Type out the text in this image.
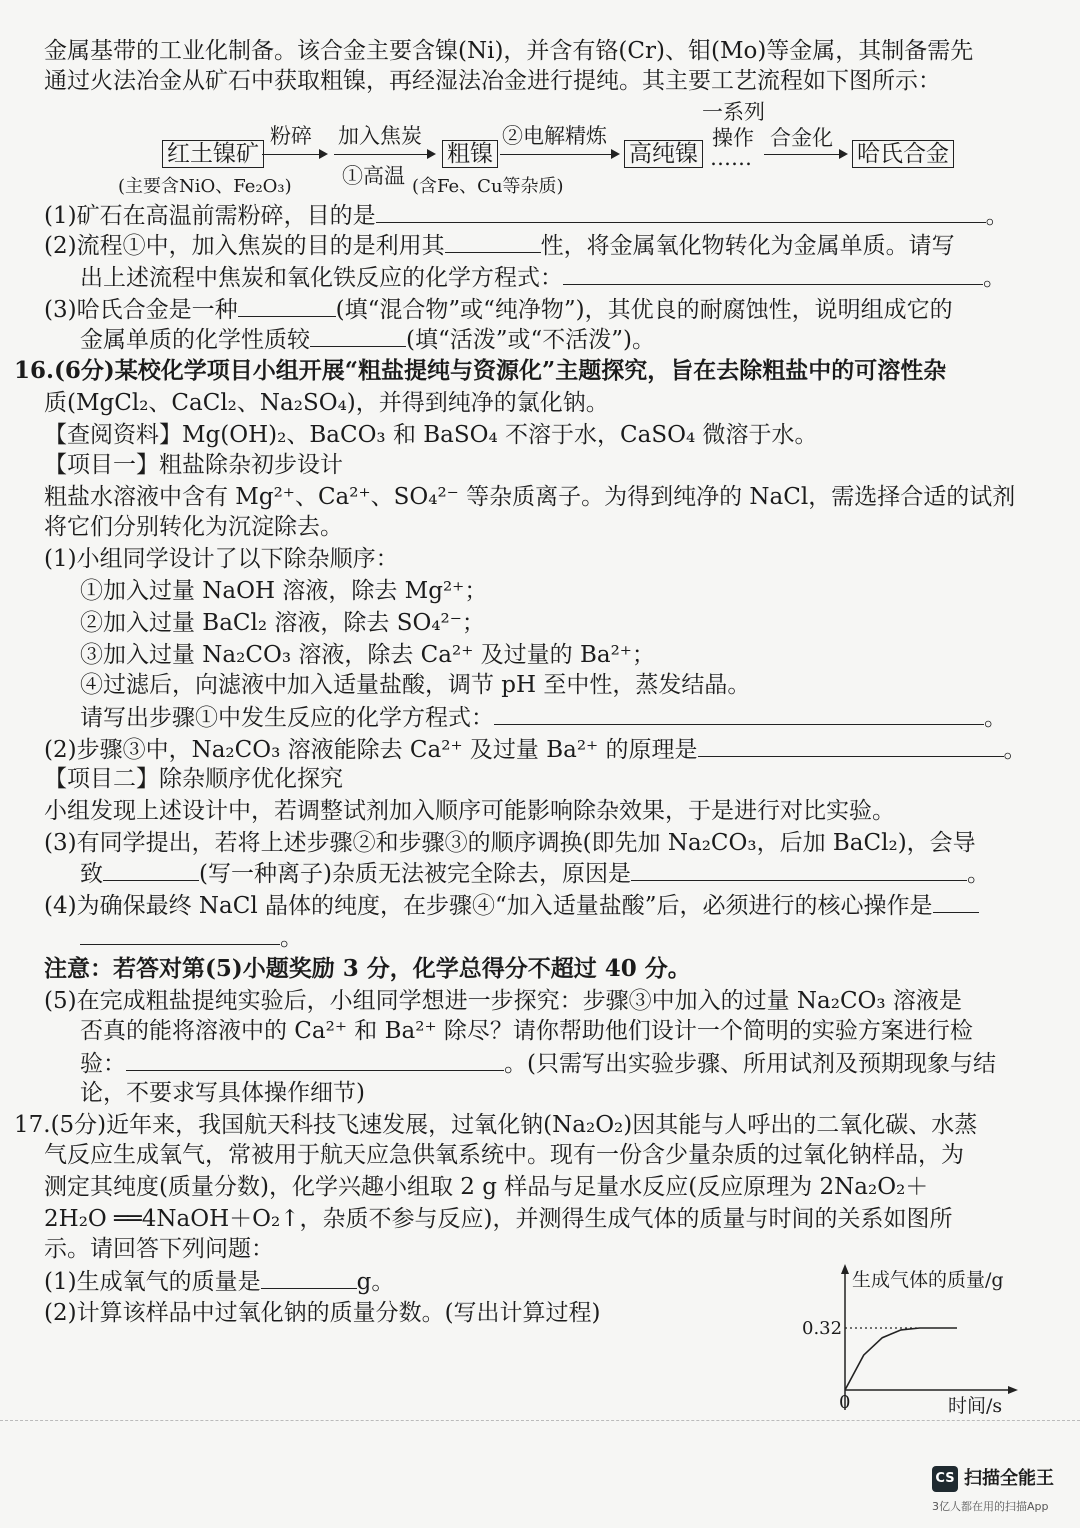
金属基带的工业化制备。该合金主要含镍(Ni)，并含有铬(Cr)、钼(Mo)等金属，其制备需先
通过火法冶金从矿石中获取粗镍，再经湿法冶金进行提纯。其主要工艺流程如下图所示：
红土镍矿
(主要含NiO、Fe₂O₃)
粉碎 加入焦炭
①高温
粗镍
(含Fe、Cu等杂质)
②电解精炼
高纯镍
一系列
操作
……
合金化
哈氏合金
(1)矿石在高温前需粉碎，目的是	。
(2)流程①中，加入焦炭的目的是利用其	性，将金属氧化物转化为金属单质。请写
出上述流程中焦炭和氧化铁反应的化学方程式：	。
(3)哈氏合金是一种	(填“混合物”或“纯净物”)，其优良的耐腐蚀性，说明组成它的
金属单质的化学性质较	(填“活泼”或“不活泼”)。
16.(6分)某校化学项目小组开展“粗盐提纯与资源化”主题探究，旨在去除粗盐中的可溶性杂
质(MgCl₂、CaCl₂、Na₂SO₄)，并得到纯净的氯化钠。
【查阅资料】Mg(OH)₂、BaCO₃ 和 BaSO₄ 不溶于水，CaSO₄ 微溶于水。
【项目一】粗盐除杂初步设计
粗盐水溶液中含有 Mg²⁺、Ca²⁺、SO₄²⁻ 等杂质离子。为得到纯净的 NaCl，需选择合适的试剂
将它们分别转化为沉淀除去。
(1)小组同学设计了以下除杂顺序：
①加入过量 NaOH 溶液，除去 Mg²⁺；
②加入过量 BaCl₂ 溶液，除去 SO₄²⁻；
③加入过量 Na₂CO₃ 溶液，除去 Ca²⁺ 及过量的 Ba²⁺；
④过滤后，向滤液中加入适量盐酸，调节 pH 至中性，蒸发结晶。
请写出步骤①中发生反应的化学方程式：	。
(2)步骤③中，Na₂CO₃ 溶液能除去 Ca²⁺ 及过量 Ba²⁺ 的原理是	。
【项目二】除杂顺序优化探究
小组发现上述设计中，若调整试剂加入顺序可能影响除杂效果，于是进行对比实验。
(3)有同学提出，若将上述步骤②和步骤③的顺序调换(即先加 Na₂CO₃，后加 BaCl₂)，会导
致	(写一种离子)杂质无法被完全除去，原因是	。
(4)为确保最终 NaCl 晶体的纯度，在步骤④“加入适量盐酸”后，必须进行的核心操作是
。
注意：若答对第(5)小题奖励 3 分，化学总得分不超过 40 分。
(5)在完成粗盐提纯实验后，小组同学想进一步探究：步骤③中加入的过量 Na₂CO₃ 溶液是
否真的能将溶液中的 Ca²⁺ 和 Ba²⁺ 除尽？请你帮助他们设计一个简明的实验方案进行检
验：	。(只需写出实验步骤、所用试剂及预期现象与结
论，不要求写具体操作细节)
17.(5分)近年来，我国航天科技飞速发展，过氧化钠(Na₂O₂)因其能与人呼出的二氧化碳、水蒸
气反应生成氧气，常被用于航天应急供氧系统中。现有一份含少量杂质的过氧化钠样品，为
测定其纯度(质量分数)，化学兴趣小组取 2 g 样品与足量水反应(反应原理为 2Na₂O₂＋
2H₂O ══4NaOH＋O₂↑，杂质不参与反应)，并测得生成气体的质量与时间的关系如图所
示。请回答下列问题：
(1)生成氧气的质量是	g。
(2)计算该样品中过氧化钠的质量分数。(写出计算过程)
生成气体的质量/g
时间/s
0
0.32
CS 扫描全能王
3亿人都在用的扫描App
